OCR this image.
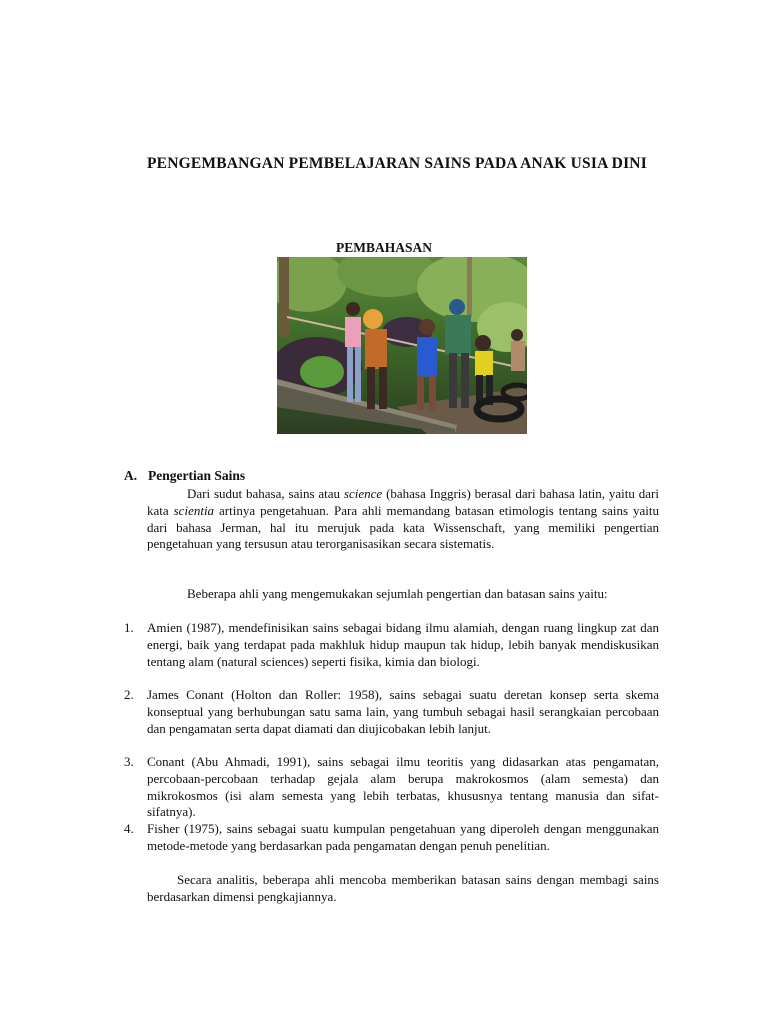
PENGEMBANGAN PEMBELAJARAN SAINS PADA ANAK USIA DINI
PEMBAHASAN
A. Pengertian Sains
Dari sudut bahasa, sains atau science (bahasa Inggris) berasal dari bahasa latin, yaitu dari kata scientia artinya pengetahuan. Para ahli memandang batasan etimologis tentang sains yaitu dari bahasa Jerman, hal itu merujuk pada kata Wissenschaft, yang memiliki pengertian pengetahuan yang tersusun atau terorganisasikan secara sistematis.
Beberapa ahli yang mengemukakan sejumlah pengertian dan batasan sains yaitu:
1.	Amien (1987), mendefinisikan sains sebagai bidang ilmu alamiah, dengan ruang lingkup zat dan energi, baik yang terdapat pada makhluk hidup maupun tak hidup, lebih banyak mendiskusikan tentang alam (natural sciences) seperti fisika, kimia dan biologi.
2.	James Conant (Holton dan Roller: 1958), sains sebagai suatu deretan konsep serta skema konseptual yang berhubungan satu sama lain, yang tumbuh sebagai hasil serangkaian percobaan dan pengamatan serta dapat diamati dan diujicobakan lebih lanjut.
3.	Conant (Abu Ahmadi, 1991), sains sebagai ilmu teoritis yang didasarkan atas pengamatan, percobaan-percobaan terhadap gejala alam berupa makrokosmos (alam semesta) dan mikrokosmos (isi alam semesta yang lebih terbatas, khususnya tentang manusia dan sifat-sifatnya).
4.	Fisher (1975), sains sebagai suatu kumpulan pengetahuan yang diperoleh dengan menggunakan metode-metode yang berdasarkan pada pengamatan dengan penuh penelitian.
Secara analitis, beberapa ahli mencoba memberikan batasan sains dengan membagi sains berdasarkan dimensi pengkajiannya.
